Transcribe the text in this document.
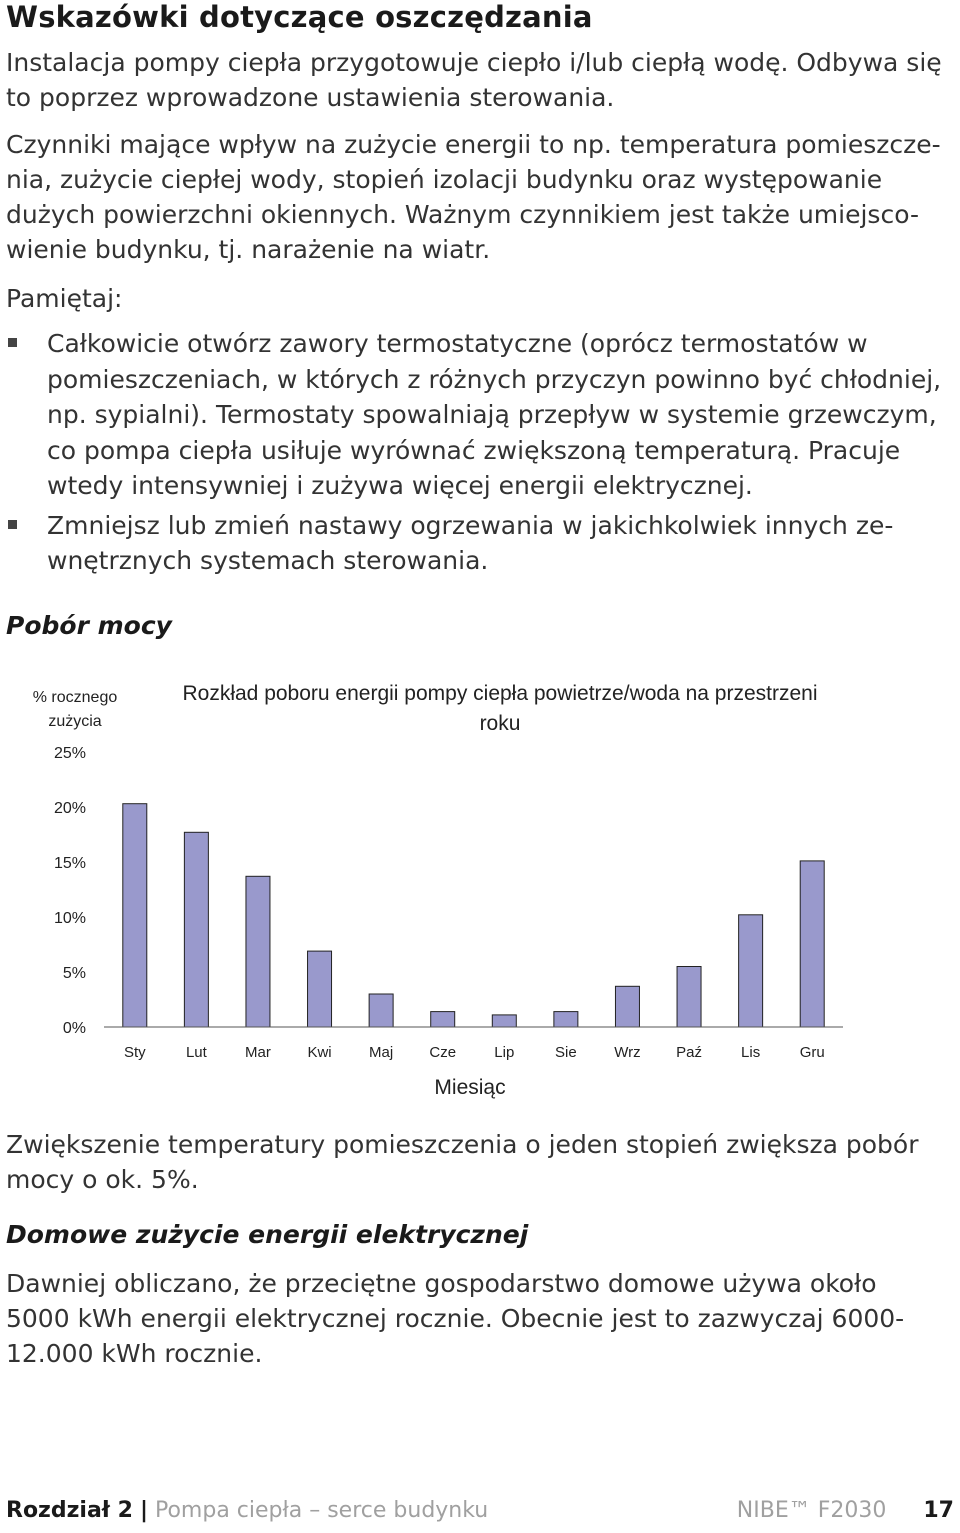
Wskazówki dotyczące oszczędzania

Instalacja pompy ciepła przygotowuje ciepło i/lub ciepłą wodę. Odbywa się to poprzez wprowadzone ustawienia sterowania.

Czynniki mające wpływ na zużycie energii to np. temperatura pomieszcze-nia, zużycie ciepłej wody, stopień izolacji budynku oraz występowanie dużych powierzchni okiennych. Ważnym czynnikiem jest także umiejsco-wienie budynku, tj. narażenie na wiatr.

Pamiętaj:

Całkowicie otwórz zawory termostatyczne (oprócz termostatów w pomieszczeniach, w których z różnych przyczyn powinno być chłodniej, np. sypialni). Termostaty spowalniają przepływ w systemie grzewczym, co pompa ciepła usiłuje wyrównać zwiększoną temperaturą. Pracuje wtedy intensywniej i zużywa więcej energii elektrycznej.
Zmniejsz lub zmień nastawy ogrzewania w jakichkolwiek innych ze-wnętrznych systemach sterowania.
Pobór mocy
% rocznego
zużycia
Rozkład poboru energii pompy ciepła powietrze/woda na przestrzeni
roku
0%
5%
10%
15%
20%
25%
Sty	Lut	Mar Kwi Maj Cze	Lip	Sie	Wrz Paź	Lis	Gru
Miesiąc

Zwiększenie temperatury pomieszczenia o jeden stopień zwiększa pobór mocy o ok. 5%.

Domowe zużycie energii elektrycznej

Dawniej obliczano, że przeciętne gospodarstwo domowe używa około 5000 kWh energii elektrycznej rocznie. Obecnie jest to zazwyczaj 6000-12.000 kWh rocznie.

Rozdział 2 | Pompa ciepła – serce budynku	NIBE™ F2030 17
